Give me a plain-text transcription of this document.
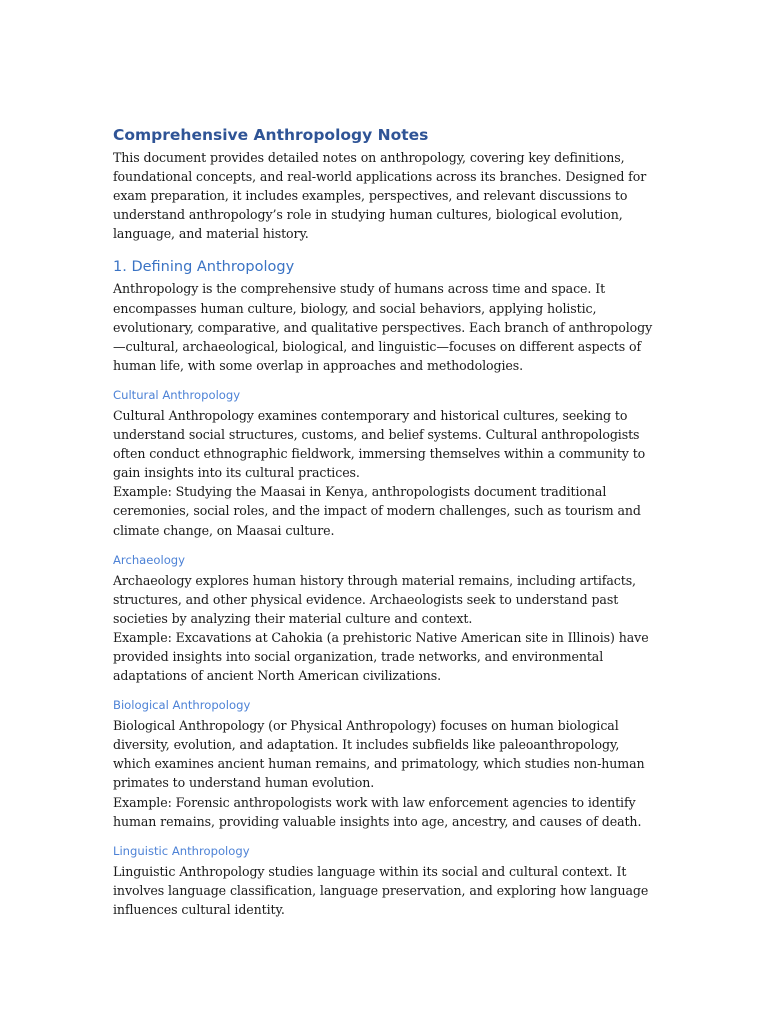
Comprehensive Anthropology Notes

This document provides detailed notes on anthropology, covering key definitions, foundational concepts, and real-world applications across its branches. Designed for exam preparation, it includes examples, perspectives, and relevant discussions to understand anthropology’s role in studying human cultures, biological evolution, language, and material history.

1. Defining Anthropology

Anthropology is the comprehensive study of humans across time and space. It encompasses human culture, biology, and social behaviors, applying holistic, evolutionary, comparative, and qualitative perspectives. Each branch of anthropology—cultural, archaeological, biological, and linguistic—focuses on different aspects of human life, with some overlap in approaches and methodologies.

Cultural Anthropology

Cultural Anthropology examines contemporary and historical cultures, seeking to understand social structures, customs, and belief systems. Cultural anthropologists often conduct ethnographic fieldwork, immersing themselves within a community to gain insights into its cultural practices.

Example: Studying the Maasai in Kenya, anthropologists document traditional ceremonies, social roles, and the impact of modern challenges, such as tourism and climate change, on Maasai culture.

Archaeology

Archaeology explores human history through material remains, including artifacts, structures, and other physical evidence. Archaeologists seek to understand past societies by analyzing their material culture and context.

Example: Excavations at Cahokia (a prehistoric Native American site in Illinois) have provided insights into social organization, trade networks, and environmental adaptations of ancient North American civilizations.

Biological Anthropology

Biological Anthropology (or Physical Anthropology) focuses on human biological diversity, evolution, and adaptation. It includes subfields like paleoanthropology, which examines ancient human remains, and primatology, which studies non-human primates to understand human evolution.

Example: Forensic anthropologists work with law enforcement agencies to identify human remains, providing valuable insights into age, ancestry, and causes of death.

Linguistic Anthropology

Linguistic Anthropology studies language within its social and cultural context. It involves language classification, language preservation, and exploring how language influences cultural identity.
